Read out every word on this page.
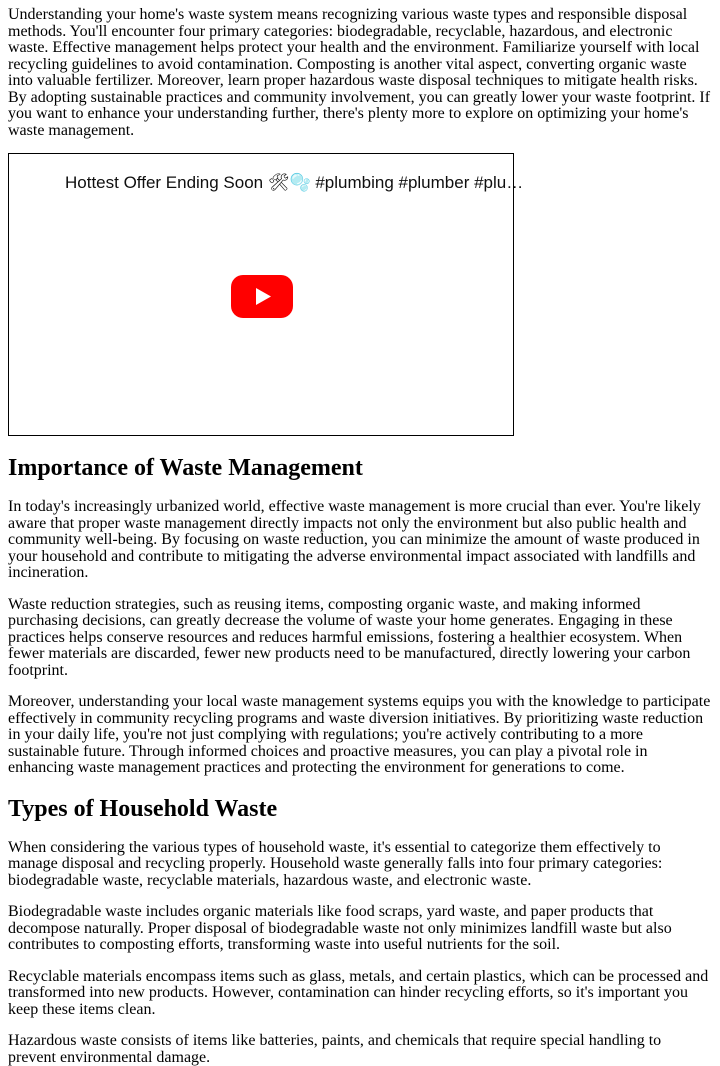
Understanding your home's waste system means recognizing various waste types and responsible disposal methods. You'll encounter four primary categories: biodegradable, recyclable, hazardous, and electronic waste. Effective management helps protect your health and the environment. Familiarize yourself with local recycling guidelines to avoid contamination. Composting is another vital aspect, converting organic waste into valuable fertilizer. Moreover, learn proper hazardous waste disposal techniques to mitigate health risks. By adopting sustainable practices and community involvement, you can greatly lower your waste footprint. If you want to enhance your understanding further, there's plenty more to explore on optimizing your home's waste management.

Hottest Offer Ending Soon 🛠🫧 #plumbing #plumber #plu…
Importance of Waste Management

In today's increasingly urbanized world, effective waste management is more crucial than ever. You're likely aware that proper waste management directly impacts not only the environment but also public health and community well-being. By focusing on waste reduction, you can minimize the amount of waste produced in your household and contribute to mitigating the adverse environmental impact associated with landfills and incineration.

Waste reduction strategies, such as reusing items, composting organic waste, and making informed purchasing decisions, can greatly decrease the volume of waste your home generates. Engaging in these practices helps conserve resources and reduces harmful emissions, fostering a healthier ecosystem. When fewer materials are discarded, fewer new products need to be manufactured, directly lowering your carbon footprint.

Moreover, understanding your local waste management systems equips you with the knowledge to participate effectively in community recycling programs and waste diversion initiatives. By prioritizing waste reduction in your daily life, you're not just complying with regulations; you're actively contributing to a more sustainable future. Through informed choices and proactive measures, you can play a pivotal role in enhancing waste management practices and protecting the environment for generations to come.

Types of Household Waste

When considering the various types of household waste, it's essential to categorize them effectively to manage disposal and recycling properly. Household waste generally falls into four primary categories: biodegradable waste, recyclable materials, hazardous waste, and electronic waste.

Biodegradable waste includes organic materials like food scraps, yard waste, and paper products that decompose naturally. Proper disposal of biodegradable waste not only minimizes landfill waste but also contributes to composting efforts, transforming waste into useful nutrients for the soil.

Recyclable materials encompass items such as glass, metals, and certain plastics, which can be processed and transformed into new products. However, contamination can hinder recycling efforts, so it's important you keep these items clean.

Hazardous waste consists of items like batteries, paints, and chemicals that require special handling to prevent environmental damage.
